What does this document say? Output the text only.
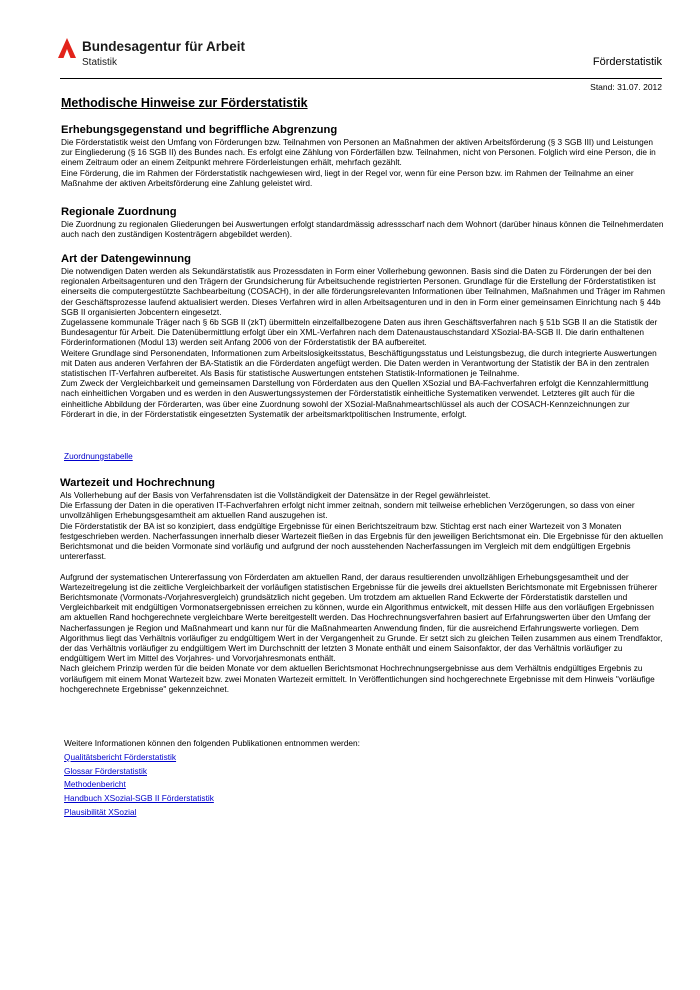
Bundesagentur für Arbeit
Statistik	Förderstatistik
Stand: 31.07. 2012
Methodische Hinweise zur Förderstatistik
Erhebungsgegenstand und begriffliche Abgrenzung

Die Förderstatistik weist den Umfang von Förderungen bzw. Teilnahmen von Personen an Maßnahmen der aktiven Arbeitsförderung (§ 3 SGB III) und Leistungen zur Eingliederung (§ 16 SGB II) des Bundes nach. Es erfolgt eine Zählung von Förderfällen bzw. Teilnahmen, nicht von Personen. Folglich wird eine Person, die in einem Zeitraum oder an einem Zeitpunkt mehrere Förderleistungen erhält, mehrfach gezählt.

Eine Förderung, die im Rahmen der Förderstatistik nachgewiesen wird, liegt in der Regel vor, wenn für eine Person bzw. im Rahmen der Teilnahme an einer Maßnahme der aktiven Arbeitsförderung eine Zahlung geleistet wird.

Regionale Zuordnung

Die Zuordnung zu regionalen Gliederungen bei Auswertungen erfolgt standardmässig adressscharf nach dem Wohnort (darüber hinaus können die Teilnehmerdaten auch nach den zuständigen Kostenträgern abgebildet werden).

Art der Datengewinnung

Die notwendigen Daten werden als Sekundärstatistik aus Prozessdaten in Form einer Vollerhebung gewonnen. Basis sind die Daten zu Förderungen der bei den regionalen Arbeitsagenturen und den Trägern der Grundsicherung für Arbeitsuchende registrierten Personen. Grundlage für die Erstellung der Förderstatistiken ist einerseits die computergestützte Sachbearbeitung (COSACH), in der alle förderungsrelevanten Informationen über Teilnahmen, Maßnahmen und Träger im Rahmen der Geschäftsprozesse laufend aktualisiert werden. Dieses Verfahren wird in allen Arbeitsagenturen und in den in Form einer gemeinsamen Einrichtung nach § 44b SGB II organisierten Jobcentern eingesetzt.

Zugelassene kommunale Träger nach § 6b SGB II (zkT) übermitteln einzelfallbezogene Daten aus ihren Geschäftsverfahren nach § 51b SGB II an die Statistik der Bundesagentur für Arbeit. Die Datenübermittlung erfolgt über ein XML-Verfahren nach dem Datenaustauschstandard XSozial-BA-SGB II. Die darin enthaltenen Förderinformationen (Modul 13) werden seit Anfang 2006 von der Förderstatistik der BA aufbereitet.

Weitere Grundlage sind Personendaten, Informationen zum Arbeitslosigkeitsstatus, Beschäftigungsstatus und Leistungsbezug, die durch integrierte Auswertungen mit Daten aus anderen Verfahren der BA-Statistik an die Förderdaten angefügt werden. Die Daten werden in Verantwortung der Statistik der BA in den zentralen statistischen IT-Verfahren aufbereitet. Als Basis für statistische Auswertungen entstehen Statistik-Informationen je Teilnahme.

Zum Zweck der Vergleichbarkeit und gemeinsamen Darstellung von Förderdaten aus den Quellen XSozial und BA-Fachverfahren erfolgt die Kennzahlermittlung nach einheitlichen Vorgaben und es werden in den Auswertungssystemen der Förderstatistik einheitliche Systematiken verwendet. Letzteres gilt auch für die einheitliche Abbildung der Förderarten, was über eine Zuordnung sowohl der XSozial-Maßnahmeartschlüssel als auch der COSACH-Kennzeichnungen zur Förderart in die, in der Förderstatistik eingesetzten Systematik der arbeitsmarktpolitischen Instrumente, erfolgt.

Zuordnungstabelle
Wartezeit und Hochrechnung

Als Vollerhebung auf der Basis von Verfahrensdaten ist die Vollständigkeit der Datensätze in der Regel gewährleistet.

Die Erfassung der Daten in die operativen IT-Fachverfahren erfolgt nicht immer zeitnah, sondern mit teilweise erheblichen Verzögerungen, so dass von einer unvollzähligen Erhebungsgesamtheit am aktuellen Rand auszugehen ist.

Die Förderstatistik der BA ist so konzipiert, dass endgültige Ergebnisse für einen Berichtszeitraum bzw. Stichtag erst nach einer Wartezeit von 3 Monaten festgeschrieben werden. Nacherfassungen innerhalb dieser Wartezeit fließen in das Ergebnis für den jeweiligen Berichtsmonat ein. Die Ergebnisse für den aktuellen Berichtsmonat und die beiden Vormonate sind vorläufig und aufgrund der noch ausstehenden Nacherfassungen im Vergleich mit dem endgültigen Ergebnis untererfasst.

Aufgrund der systematischen Untererfassung von Förderdaten am aktuellen Rand, der daraus resultierenden unvollzähligen Erhebungsgesamtheit und der Wartezeitregelung ist die zeitliche Vergleichbarkeit der vorläufigen statistischen Ergebnisse für die jeweils drei aktuellsten Berichtsmonate mit Ergebnissen früherer Berichtsmonate (Vormonats-/Vorjahresvergleich) grundsätzlich nicht gegeben. Um trotzdem am aktuellen Rand Eckwerte der Förderstatistik darstellen und Vergleichbarkeit mit endgültigen Vormonatsergebnissen erreichen zu können, wurde ein Algorithmus entwickelt, mit dessen Hilfe aus den vorläufigen Ergebnissen am aktuellen Rand hochgerechnete vergleichbare Werte bereitgestellt werden. Das Hochrechnungsverfahren basiert auf Erfahrungswerten über den Umfang der Nacherfassungen je Region und Maßnahmeart und kann nur für die Maßnahmearten Anwendung finden, für die ausreichend Erfahrungswerte vorliegen. Dem Algorithmus liegt das Verhältnis vorläufiger zu endgültigem Wert in der Vergangenheit zu Grunde. Er setzt sich zu gleichen Teilen zusammen aus einem Trendfaktor, der das Verhältnis vorläufiger zu endgültigem Wert im Durchschnitt der letzten 3 Monate enthält und einem Saisonfaktor, der das Verhältnis vorläufiger zu endgültigem Wert im Mittel des Vorjahres- und Vorvorjahresmonats enthält.

Nach gleichem Prinzip werden für die beiden Monate vor dem aktuellen Berichtsmonat Hochrechnungsergebnisse aus dem Verhältnis endgültiges Ergebnis zu vorläufigem mit einem Monat Wartezeit bzw. zwei Monaten Wartezeit ermittelt. In Veröffentlichungen sind hochgerechnete Ergebnisse mit dem Hinweis "vorläufige hochgerechnete Ergebnisse" gekennzeichnet.

Weitere Informationen können den folgenden Publikationen entnommen werden:
Qualitätsbericht Förderstatistik
Glossar Förderstatistik
Methodenbericht
Handbuch XSozial-SGB II Förderstatistik
Plausibilität XSozial
